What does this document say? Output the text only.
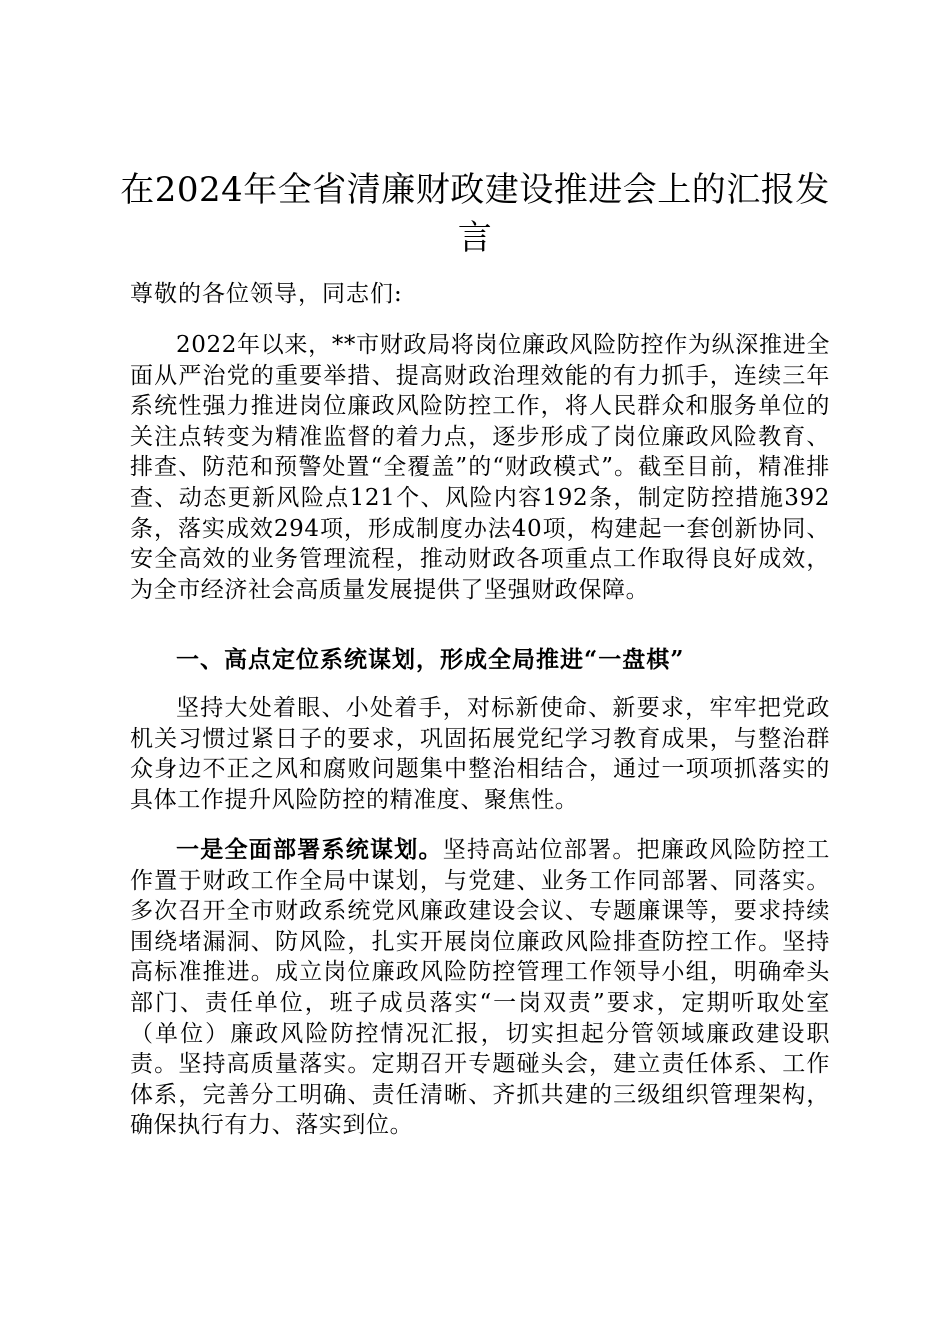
在2024年全省清廉财政建设推进会上的汇报发言
尊敬的各位领导，同志们:
2022年以来，**市财政局将岗位廉政风险防控作为纵深推进全面从严治党的重要举措、提高财政治理效能的有力抓手，连续三年系统性强力推进岗位廉政风险防控工作，将人民群众和服务单位的关注点转变为精准监督的着力点，逐步形成了岗位廉政风险教育、排查、防范和预警处置“全覆盖”的“财政模式”。截至目前，精准排查、动态更新风险点121个、风险内容192条，制定防控措施392条，落实成效294项，形成制度办法40项，构建起一套创新协同、安全高效的业务管理流程，推动财政各项重点工作取得良好成效，为全市经济社会高质量发展提供了坚强财政保障。
一、高点定位系统谋划，形成全局推进“一盘棋”
坚持大处着眼、小处着手，对标新使命、新要求，牢牢把党政机关习惯过紧日子的要求，巩固拓展党纪学习教育成果，与整治群众身边不正之风和腐败问题集中整治相结合，通过一项项抓落实的具体工作提升风险防控的精准度、聚焦性。
一是全面部署系统谋划。坚持高站位部署。把廉政风险防控工作置于财政工作全局中谋划，与党建、业务工作同部署、同落实。多次召开全市财政系统党风廉政建设会议、专题廉课等，要求持续围绕堵漏洞、防风险，扎实开展岗位廉政风险排查防控工作。坚持高标准推进。成立岗位廉政风险防控管理工作领导小组，明确牵头部门、责任单位，班子成员落实“一岗双责”要求，定期听取处室（单位）廉政风险防控情况汇报，切实担起分管领域廉政建设职责。坚持高质量落实。定期召开专题碰头会，建立责任体系、工作体系，完善分工明确、责任清晰、齐抓共建的三级组织管理架构，确保执行有力、落实到位。
